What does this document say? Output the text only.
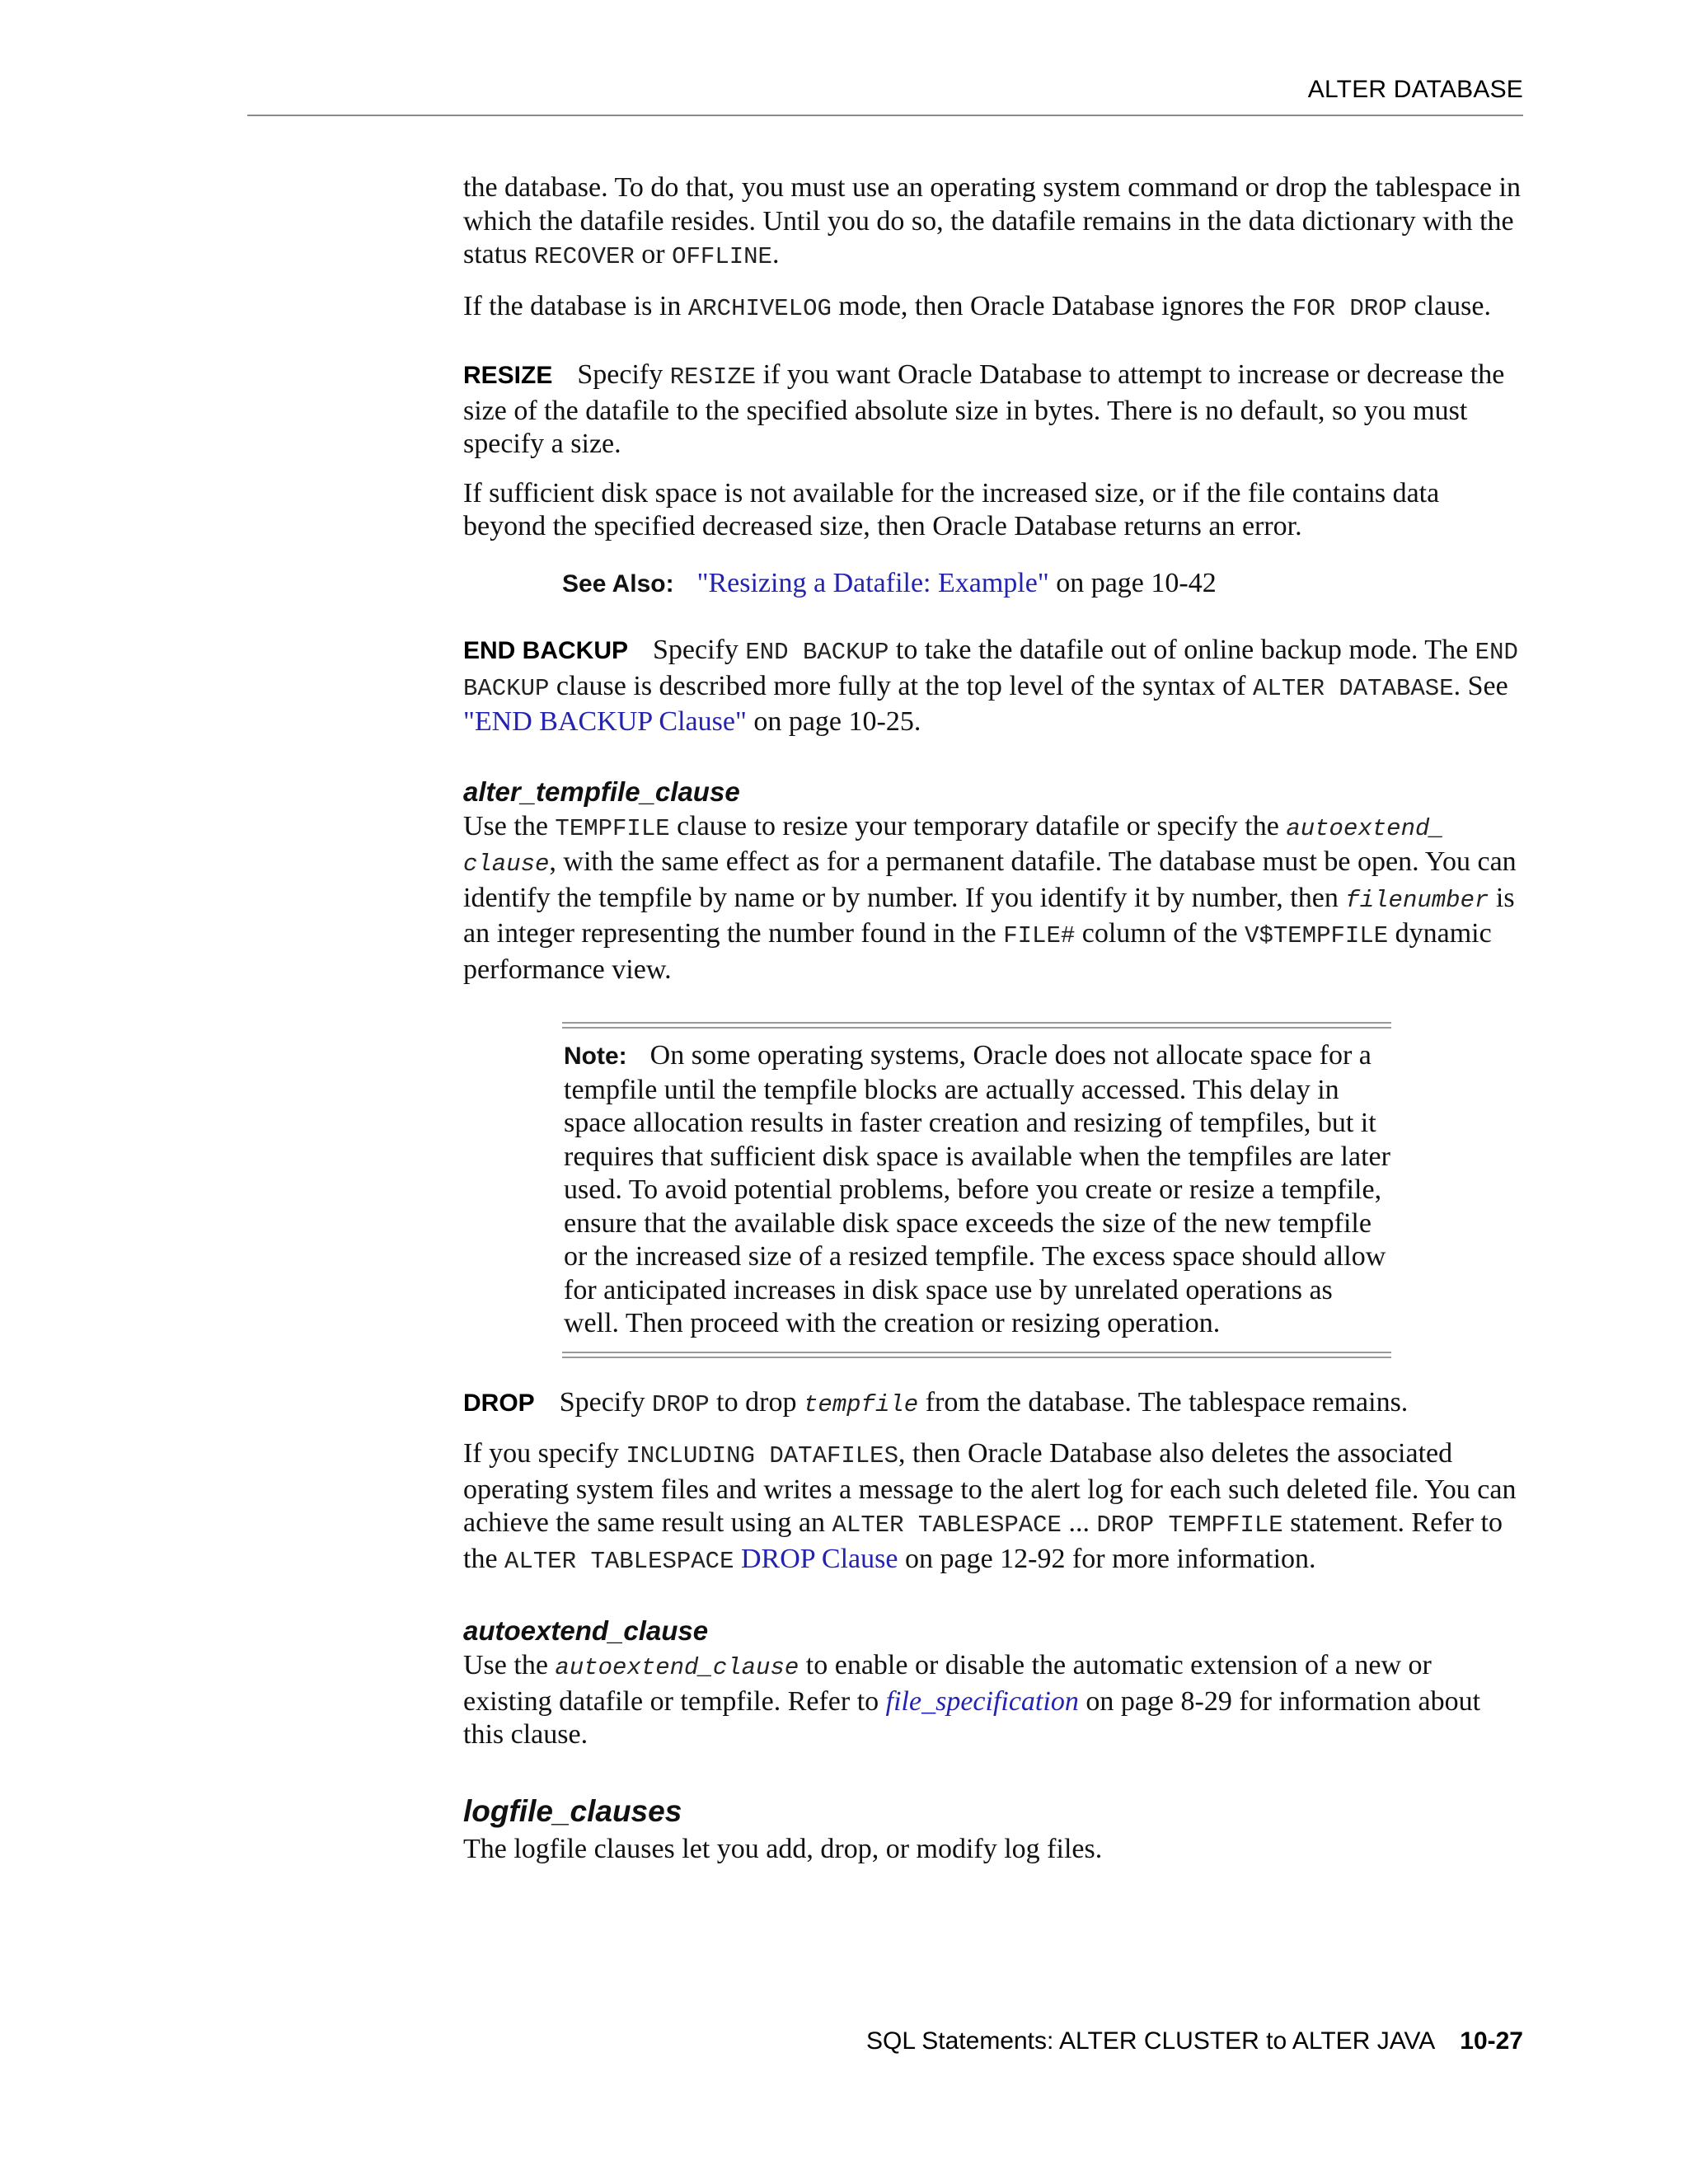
ALTER DATABASE

the database. To do that, you must use an operating system command or drop the tablespace in which the datafile resides. Until you do so, the datafile remains in the data dictionary with the status RECOVER or OFFLINE.

If the database is in ARCHIVELOG mode, then Oracle Database ignores the FOR DROP clause.

RESIZE Specify RESIZE if you want Oracle Database to attempt to increase or decrease the size of the datafile to the specified absolute size in bytes. There is no default, so you must specify a size.

If sufficient disk space is not available for the increased size, or if the file contains data beyond the specified decreased size, then Oracle Database returns an error.

See Also: "Resizing a Datafile: Example" on page 10-42

END BACKUP Specify END BACKUP to take the datafile out of online backup mode. The END BACKUP clause is described more fully at the top level of the syntax of ALTER DATABASE. See "END BACKUP Clause" on page 10-25.

alter_tempfile_clause

Use the TEMPFILE clause to resize your temporary datafile or specify the autoextend_ clause, with the same effect as for a permanent datafile. The database must be open. You can identify the tempfile by name or by number. If you identify it by number, then filenumber is an integer representing the number found in the FILE# column of the V$TEMPFILE dynamic performance view.

Note: On some operating systems, Oracle does not allocate space for a tempfile until the tempfile blocks are actually accessed. This delay in space allocation results in faster creation and resizing of tempfiles, but it requires that sufficient disk space is available when the tempfiles are later used. To avoid potential problems, before you create or resize a tempfile, ensure that the available disk space exceeds the size of the new tempfile or the increased size of a resized tempfile. The excess space should allow for anticipated increases in disk space use by unrelated operations as well. Then proceed with the creation or resizing operation.

DROP Specify DROP to drop tempfile from the database. The tablespace remains.

If you specify INCLUDING DATAFILES, then Oracle Database also deletes the associated operating system files and writes a message to the alert log for each such deleted file. You can achieve the same result using an ALTER TABLESPACE ... DROP TEMPFILE statement. Refer to the ALTER TABLESPACE DROP Clause on page 12-92 for more information.

autoextend_clause

Use the autoextend_clause to enable or disable the automatic extension of a new or existing datafile or tempfile. Refer to file_specification on page 8-29 for information about this clause.

logfile_clauses

The logfile clauses let you add, drop, or modify log files.

SQL Statements: ALTER CLUSTER to ALTER JAVA 10-27
